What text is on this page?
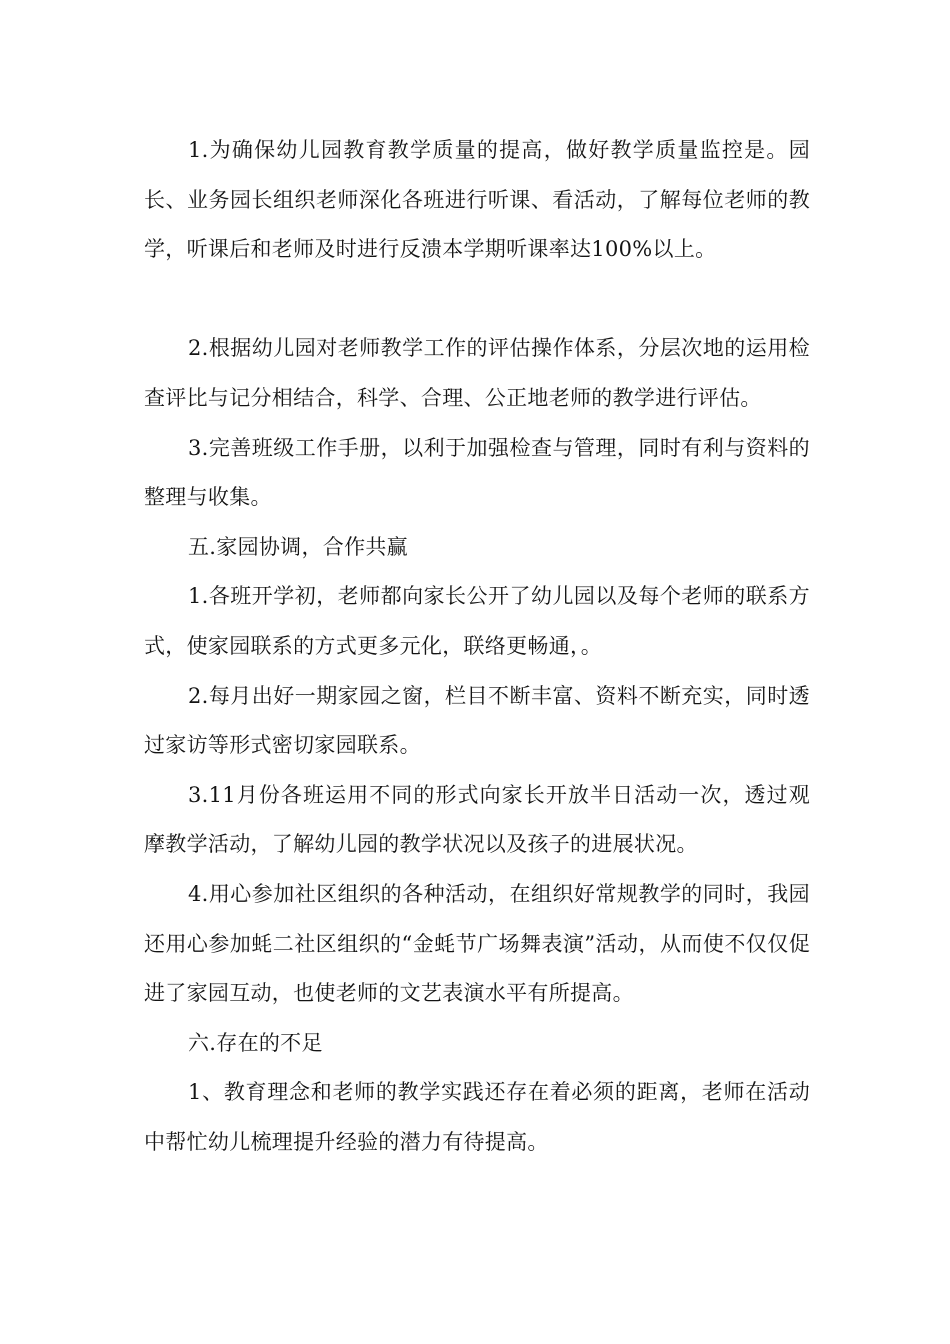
1.为确保幼儿园教育教学质量的提高，做好教学质量监控是。园长、业务园长组织老师深化各班进行听课、看活动，了解每位老师的教学，听课后和老师及时进行反溃本学期听课率达100%以上。

2.根据幼儿园对老师教学工作的评估操作体系，分层次地的运用检查评比与记分相结合，科学、合理、公正地老师的教学进行评估。

3.完善班级工作手册，以利于加强检查与管理，同时有利与资料的整理与收集。

五.家园协调，合作共赢

1.各班开学初，老师都向家长公开了幼儿园以及每个老师的联系方式，使家园联系的方式更多元化，联络更畅通，。

2.每月出好一期家园之窗，栏目不断丰富、资料不断充实，同时透过家访等形式密切家园联系。

3.11月份各班运用不同的形式向家长开放半日活动一次，透过观摩教学活动，了解幼儿园的教学状况以及孩子的进展状况。

4.用心参加社区组织的各种活动，在组织好常规教学的同时，我园还用心参加蚝二社区组织的“金蚝节广场舞表演”活动，从而使不仅仅促进了家园互动，也使老师的文艺表演水平有所提高。

六.存在的不足

1、教育理念和老师的教学实践还存在着必须的距离，老师在活动中帮忙幼儿梳理提升经验的潜力有待提高。
